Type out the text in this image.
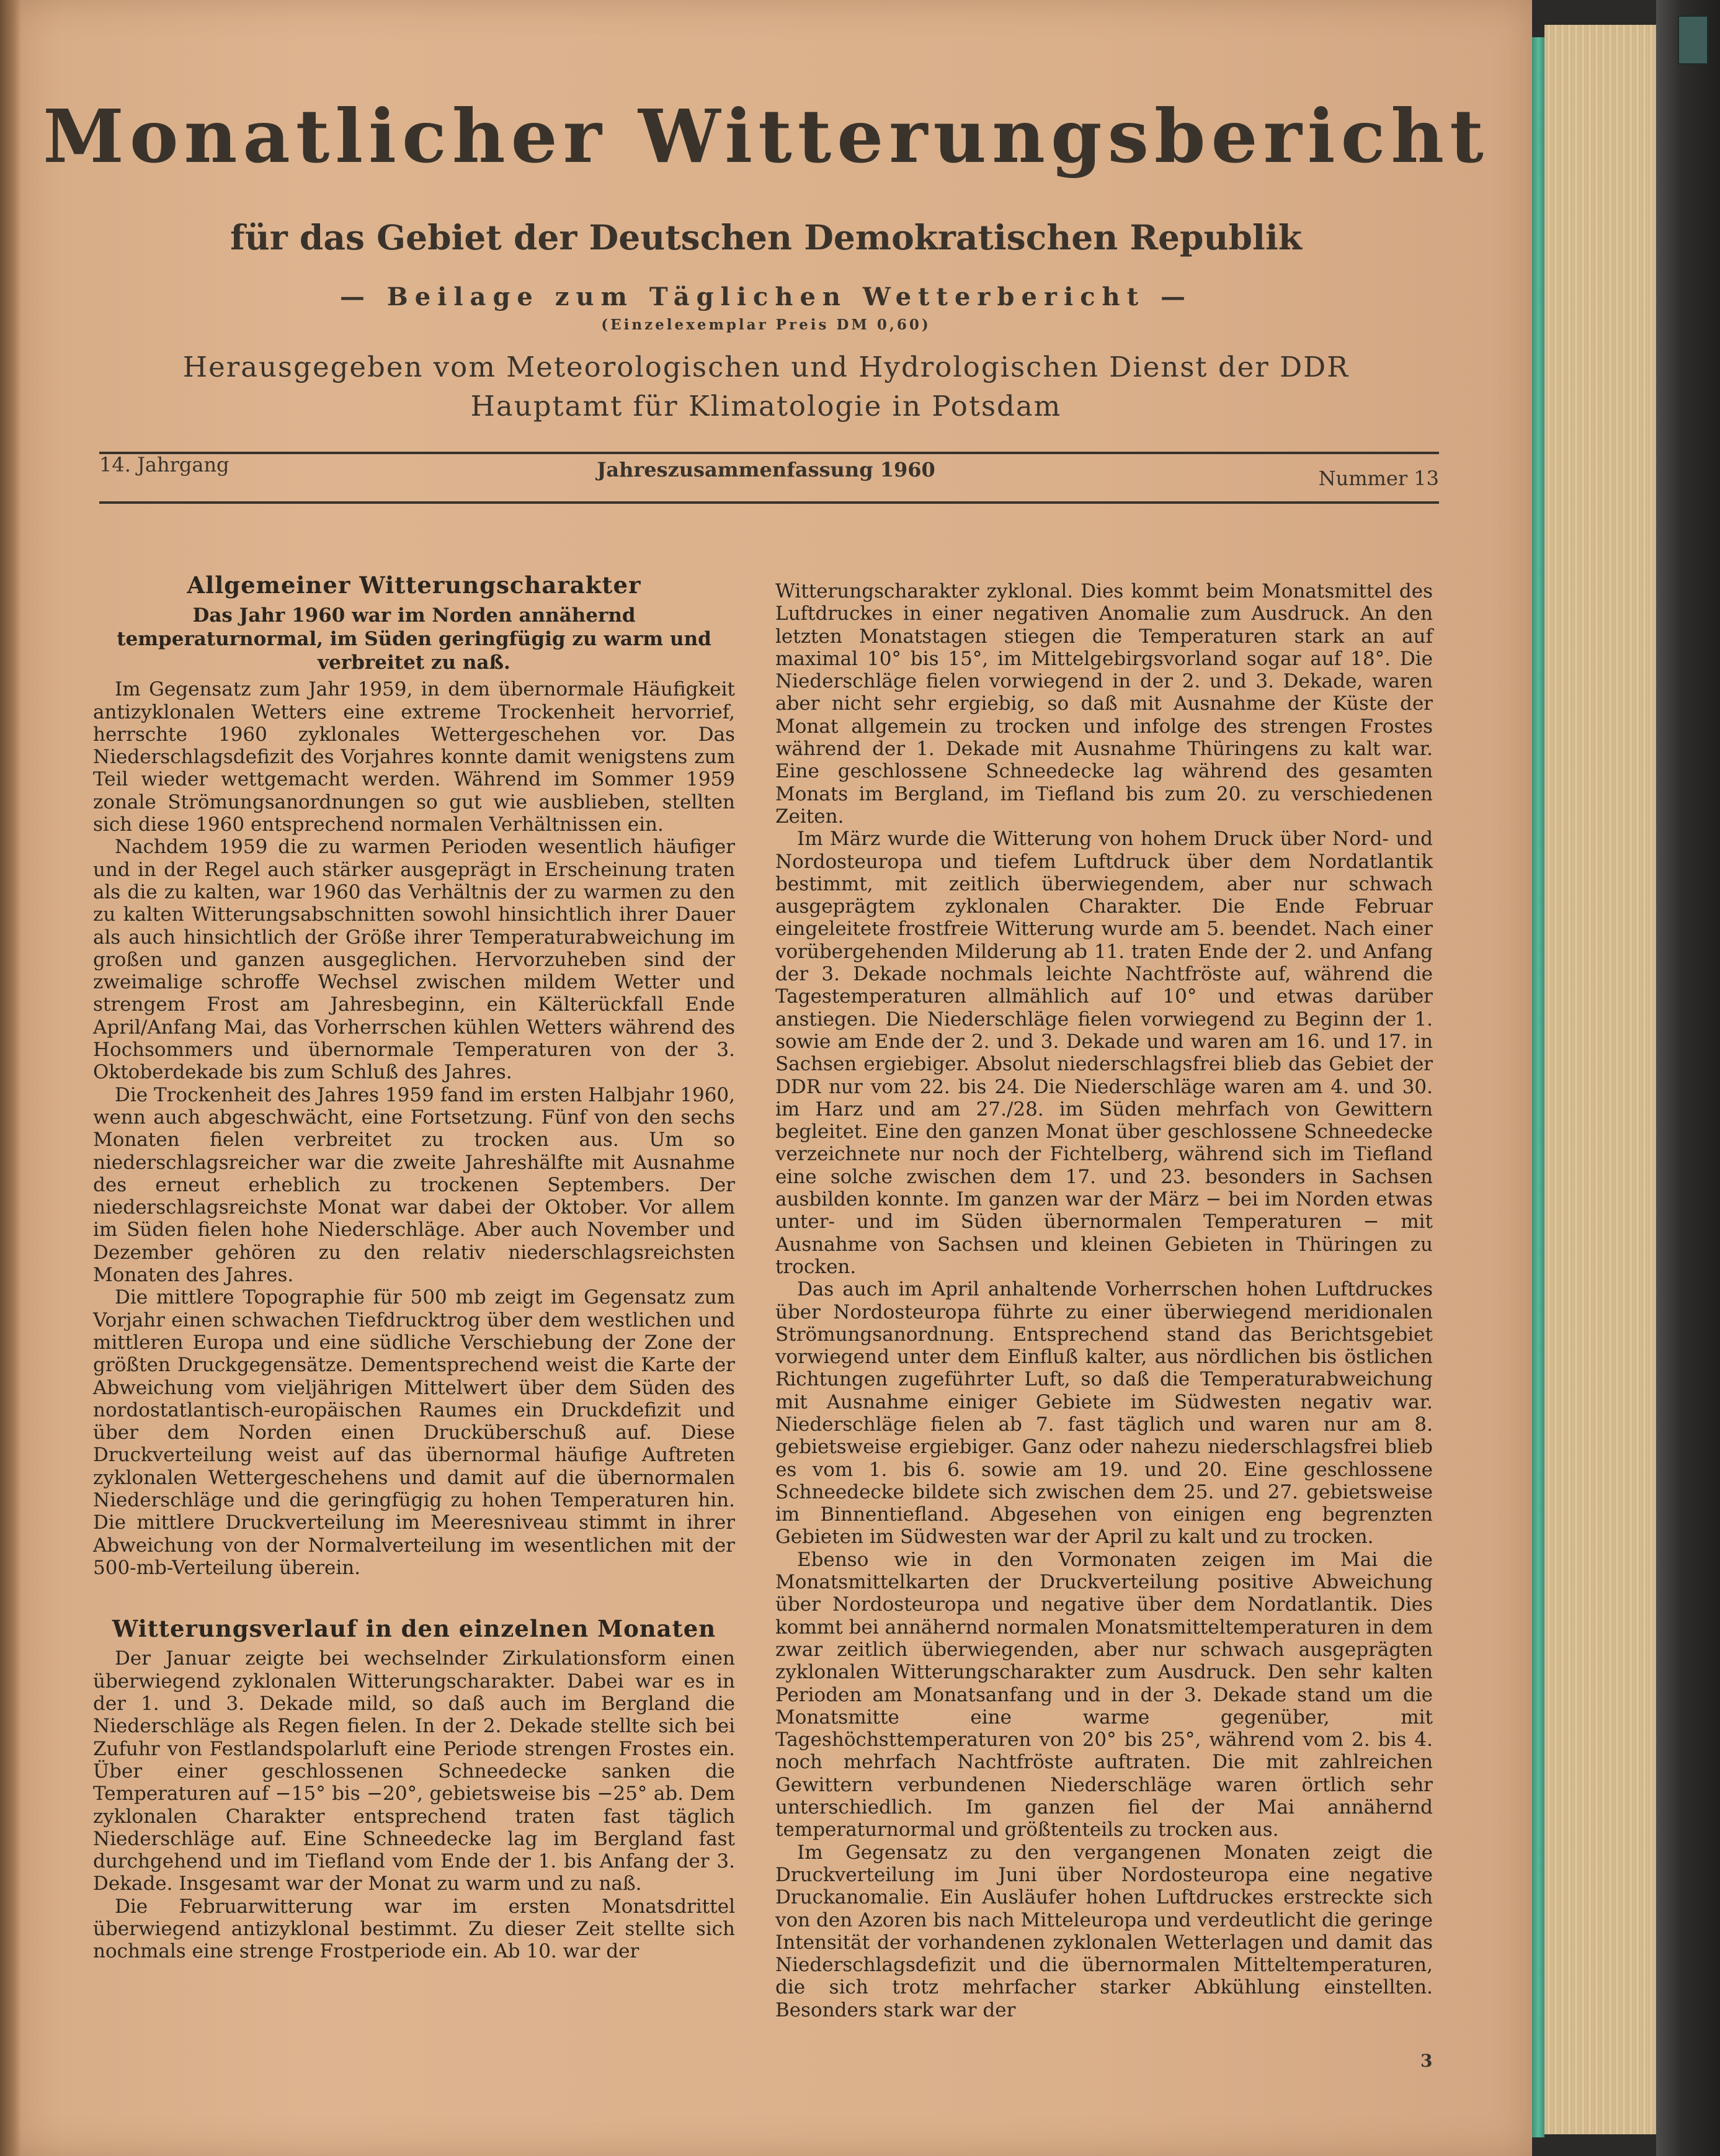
Monatlicher Witterungsbericht
für das Gebiet der Deutschen Demokratischen Republik
— Beilage zum Täglichen Wetterbericht —
(Einzelexemplar Preis DM 0,60)
Herausgegeben vom Meteorologischen und Hydrologischen Dienst der DDR
Hauptamt für Klimatologie in Potsdam
14. Jahrgang	Jahreszusammenfassung 1960	Nummer 13
Allgemeiner Witterungscharakter

Das Jahr 1960 war im Norden annähernd temperaturnormal, im Süden geringfügig zu warm und verbreitet zu naß.

Im Gegensatz zum Jahr 1959, in dem übernormale Häufigkeit antizyklonalen Wetters eine extreme Trockenheit hervorrief, herrschte 1960 zyklonales Wettergeschehen vor. Das Niederschlagsdefizit des Vorjahres konnte damit wenigstens zum Teil wieder wettgemacht werden. Während im Sommer 1959 zonale Strömungsanordnungen so gut wie ausblieben, stellten sich diese 1960 entsprechend normalen Verhältnissen ein.

Nachdem 1959 die zu warmen Perioden wesentlich häufiger und in der Regel auch stärker ausgeprägt in Erscheinung traten als die zu kalten, war 1960 das Verhältnis der zu warmen zu den zu kalten Witterungsabschnitten sowohl hinsichtlich ihrer Dauer als auch hinsichtlich der Größe ihrer Temperaturabweichung im großen und ganzen ausgeglichen. Hervorzuheben sind der zweimalige schroffe Wechsel zwischen mildem Wetter und strengem Frost am Jahresbeginn, ein Kälterückfall Ende April/Anfang Mai, das Vorherrschen kühlen Wetters während des Hochsommers und übernormale Temperaturen von der 3. Oktoberdekade bis zum Schluß des Jahres.

Die Trockenheit des Jahres 1959 fand im ersten Halbjahr 1960, wenn auch abgeschwächt, eine Fortsetzung. Fünf von den sechs Monaten fielen verbreitet zu trocken aus. Um so niederschlagsreicher war die zweite Jahreshälfte mit Ausnahme des erneut erheblich zu trockenen Septembers. Der niederschlagsreichste Monat war dabei der Oktober. Vor allem im Süden fielen hohe Niederschläge. Aber auch November und Dezember gehören zu den relativ niederschlagsreichsten Monaten des Jahres.

Die mittlere Topographie für 500 mb zeigt im Gegensatz zum Vorjahr einen schwachen Tiefdrucktrog über dem westlichen und mittleren Europa und eine südliche Verschiebung der Zone der größten Druckgegensätze. Dementsprechend weist die Karte der Abweichung vom vieljährigen Mittelwert über dem Süden des nordostatlantisch-europäischen Raumes ein Druckdefizit und über dem Norden einen Drucküberschuß auf. Diese Druckverteilung weist auf das übernormal häufige Auftreten zyklonalen Wettergeschehens und damit auf die übernormalen Niederschläge und die geringfügig zu hohen Temperaturen hin. Die mittlere Druckverteilung im Meeresniveau stimmt in ihrer Abweichung von der Normalverteilung im wesentlichen mit der 500-mb-Verteilung überein.

Witterungsverlauf in den einzelnen Monaten

Der Januar zeigte bei wechselnder Zirkulationsform einen überwiegend zyklonalen Witterungscharakter. Dabei war es in der 1. und 3. Dekade mild, so daß auch im Bergland die Niederschläge als Regen fielen. In der 2. Dekade stellte sich bei Zufuhr von Festlandspolarluft eine Periode strengen Frostes ein. Über einer geschlossenen Schneedecke sanken die Temperaturen auf −15° bis −20°, gebietsweise bis −25° ab. Dem zyklonalen Charakter entsprechend traten fast täglich Niederschläge auf. Eine Schneedecke lag im Bergland fast durchgehend und im Tiefland vom Ende der 1. bis Anfang der 3. Dekade. Insgesamt war der Monat zu warm und zu naß.

Die Februarwitterung war im ersten Monatsdrittel überwiegend antizyklonal bestimmt. Zu dieser Zeit stellte sich nochmals eine strenge Frostperiode ein. Ab 10. war der

Witterungscharakter zyklonal. Dies kommt beim Monatsmittel des Luftdruckes in einer negativen Anomalie zum Ausdruck. An den letzten Monatstagen stiegen die Temperaturen stark an auf maximal 10° bis 15°, im Mittelgebirgsvorland sogar auf 18°. Die Niederschläge fielen vorwiegend in der 2. und 3. Dekade, waren aber nicht sehr ergiebig, so daß mit Ausnahme der Küste der Monat allgemein zu trocken und infolge des strengen Frostes während der 1. Dekade mit Ausnahme Thüringens zu kalt war. Eine geschlossene Schneedecke lag während des gesamten Monats im Bergland, im Tiefland bis zum 20. zu verschiedenen Zeiten.

Im März wurde die Witterung von hohem Druck über Nord- und Nordosteuropa und tiefem Luftdruck über dem Nordatlantik bestimmt, mit zeitlich überwiegendem, aber nur schwach ausgeprägtem zyklonalen Charakter. Die Ende Februar eingeleitete frostfreie Witterung wurde am 5. beendet. Nach einer vorübergehenden Milderung ab 11. traten Ende der 2. und Anfang der 3. Dekade nochmals leichte Nachtfröste auf, während die Tagestemperaturen allmählich auf 10° und etwas darüber anstiegen. Die Niederschläge fielen vorwiegend zu Beginn der 1. sowie am Ende der 2. und 3. Dekade und waren am 16. und 17. in Sachsen ergiebiger. Absolut niederschlagsfrei blieb das Gebiet der DDR nur vom 22. bis 24. Die Niederschläge waren am 4. und 30. im Harz und am 27./28. im Süden mehrfach von Gewittern begleitet. Eine den ganzen Monat über geschlossene Schneedecke verzeichnete nur noch der Fichtelberg, während sich im Tiefland eine solche zwischen dem 17. und 23. besonders in Sachsen ausbilden konnte. Im ganzen war der März − bei im Norden etwas unter- und im Süden übernormalen Temperaturen − mit Ausnahme von Sachsen und kleinen Gebieten in Thüringen zu trocken.

Das auch im April anhaltende Vorherrschen hohen Luftdruckes über Nordosteuropa führte zu einer überwiegend meridionalen Strömungsanordnung. Entsprechend stand das Berichtsgebiet vorwiegend unter dem Einfluß kalter, aus nördlichen bis östlichen Richtungen zugeführter Luft, so daß die Temperaturabweichung mit Ausnahme einiger Gebiete im Südwesten negativ war. Niederschläge fielen ab 7. fast täglich und waren nur am 8. gebietsweise ergiebiger. Ganz oder nahezu niederschlagsfrei blieb es vom 1. bis 6. sowie am 19. und 20. Eine geschlossene Schneedecke bildete sich zwischen dem 25. und 27. gebietsweise im Binnentiefland. Abgesehen von einigen eng begrenzten Gebieten im Südwesten war der April zu kalt und zu trocken.

Ebenso wie in den Vormonaten zeigen im Mai die Monatsmittelkarten der Druckverteilung positive Abweichung über Nordosteuropa und negative über dem Nordatlantik. Dies kommt bei annähernd normalen Monatsmitteltemperaturen in dem zwar zeitlich überwiegenden, aber nur schwach ausgeprägten zyklonalen Witterungscharakter zum Ausdruck. Den sehr kalten Perioden am Monatsanfang und in der 3. Dekade stand um die Monatsmitte eine warme gegenüber, mit Tageshöchsttemperaturen von 20° bis 25°, während vom 2. bis 4. noch mehrfach Nachtfröste auftraten. Die mit zahlreichen Gewittern verbundenen Niederschläge waren örtlich sehr unterschiedlich. Im ganzen fiel der Mai annähernd temperaturnormal und größtenteils zu trocken aus.

Im Gegensatz zu den vergangenen Monaten zeigt die Druckverteilung im Juni über Nordosteuropa eine negative Druckanomalie. Ein Ausläufer hohen Luftdruckes erstreckte sich von den Azoren bis nach Mitteleuropa und verdeutlicht die geringe Intensität der vorhandenen zyklonalen Wetterlagen und damit das Niederschlagsdefizit und die übernormalen Mitteltemperaturen, die sich trotz mehrfacher starker Abkühlung einstellten. Besonders stark war der

3
